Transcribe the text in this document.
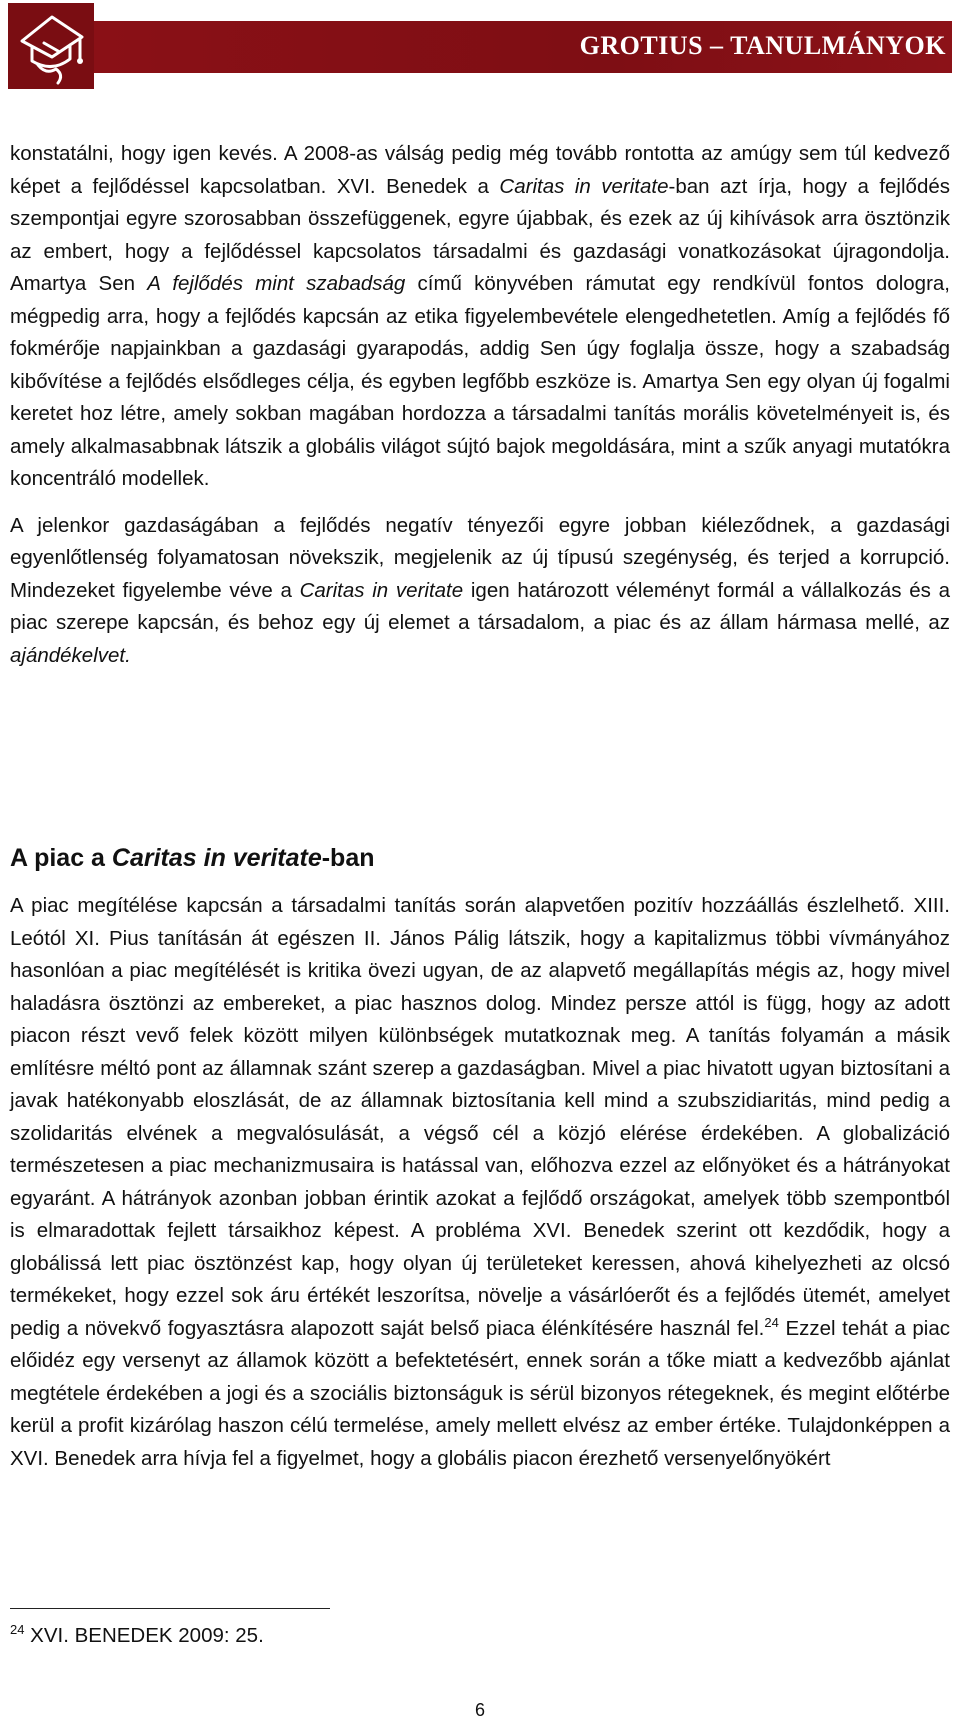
GROTIUS – TANULMÁNYOK

konstatálni, hogy igen kevés. A 2008-as válság pedig még tovább rontotta az amúgy sem túl kedvező képet a fejlődéssel kapcsolatban. XVI. Benedek a Caritas in veritate-ban azt írja, hogy a fejlődés szempontjai egyre szorosabban összefüggenek, egyre újabbak, és ezek az új kihívások arra ösztönzik az embert, hogy a fejlődéssel kapcsolatos társadalmi és gazdasági vonatkozásokat újragondolja. Amartya Sen A fejlődés mint szabadság című könyvében rámutat egy rendkívül fontos dologra, mégpedig arra, hogy a fejlődés kapcsán az etika figyelembevétele elengedhetetlen. Amíg a fejlődés fő fokmérője napjainkban a gazdasági gyarapodás, addig Sen úgy foglalja össze, hogy a szabadság kibővítése a fejlődés elsődleges célja, és egyben legfőbb eszköze is. Amartya Sen egy olyan új fogalmi keretet hoz létre, amely sokban magában hordozza a társadalmi tanítás morális követelményeit is, és amely alkalmasabbnak látszik a globális világot sújtó bajok megoldására, mint a szűk anyagi mutatókra koncentráló modellek.

A jelenkor gazdaságában a fejlődés negatív tényezői egyre jobban kiéleződnek, a gazdasági egyenlőtlenség folyamatosan növekszik, megjelenik az új típusú szegénység, és terjed a korrupció. Mindezeket figyelembe véve a Caritas in veritate igen határozott véleményt formál a vállalkozás és a piac szerepe kapcsán, és behoz egy új elemet a társadalom, a piac és az állam hármasa mellé, az ajándékelvet.

A piac a Caritas in veritate-ban

A piac megítélése kapcsán a társadalmi tanítás során alapvetően pozitív hozzáállás észlelhető. XIII. Leótól XI. Pius tanításán át egészen II. János Pálig látszik, hogy a kapitalizmus többi vívmányához hasonlóan a piac megítélését is kritika övezi ugyan, de az alapvető megállapítás mégis az, hogy mivel haladásra ösztönzi az embereket, a piac hasznos dolog. Mindez persze attól is függ, hogy az adott piacon részt vevő felek között milyen különbségek mutatkoznak meg. A tanítás folyamán a másik említésre méltó pont az államnak szánt szerep a gazdaságban. Mivel a piac hivatott ugyan biztosítani a javak hatékonyabb eloszlását, de az államnak biztosítania kell mind a szubszidiaritás, mind pedig a szolidaritás elvének a megvalósulását, a végső cél a közjó elérése érdekében. A globalizáció természetesen a piac mechanizmusaira is hatással van, előhozva ezzel az előnyöket és a hátrányokat egyaránt. A hátrányok azonban jobban érintik azokat a fejlődő országokat, amelyek több szempontból is elmaradottak fejlett társaikhoz képest. A probléma XVI. Benedek szerint ott kezdődik, hogy a globálissá lett piac ösztönzést kap, hogy olyan új területeket keressen, ahová kihelyezheti az olcsó termékeket, hogy ezzel sok áru értékét leszorítsa, növelje a vásárlóerőt és a fejlődés ütemét, amelyet pedig a növekvő fogyasztásra alapozott saját belső piaca élénkítésére használ fel.$^{24}$ Ezzel tehát a piac előidéz egy versenyt az államok között a befektetésért, ennek során a tőke miatt a kedvezőbb ajánlat megtétele érdekében a jogi és a szociális biztonságuk is sérül bizonyos rétegeknek, és megint előtérbe kerül a profit kizárólag haszon célú termelése, amely mellett elvész az ember értéke. Tulajdonképpen a XVI. Benedek arra hívja fel a figyelmet, hogy a globális piacon érezhető versenyelőnyökért

$^{24}$ XVI. BENEDEK 2009: 25.
6
